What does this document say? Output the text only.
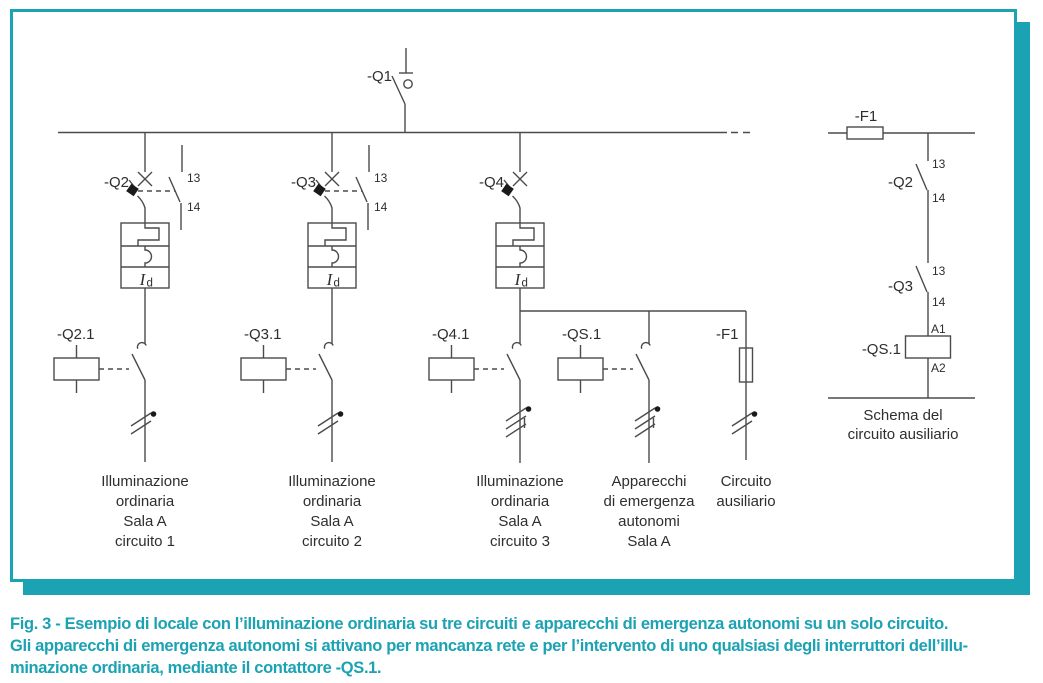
-Q1
-Q2	13
14
I d
-Q2.1
Illuminazione
ordinaria
Sala A
circuito 1
-Q3	13
14
I d
-Q3.1
Illuminazione
ordinaria
Sala A
circuito 2
-Q4
I d
-Q4.1
Illuminazione
ordinaria
Sala A
circuito 3
-QS.1
Apparecchi
di emergenza
autonomi
Sala A
-F1
Circuito
ausiliario
-F1
13
-Q2
14
13
-Q3
14
A1
-QS.1
A2
Schema del
circuito ausiliario
Fig. 3 - Esempio di locale con l’illuminazione ordinaria su tre circuiti e apparecchi di emergenza autonomi su un solo circuito.
Gli apparecchi di emergenza autonomi si attivano per mancanza rete e per l’intervento di uno qualsiasi degli interruttori dell’illu-
minazione ordinaria, mediante il contattore -QS.1.
